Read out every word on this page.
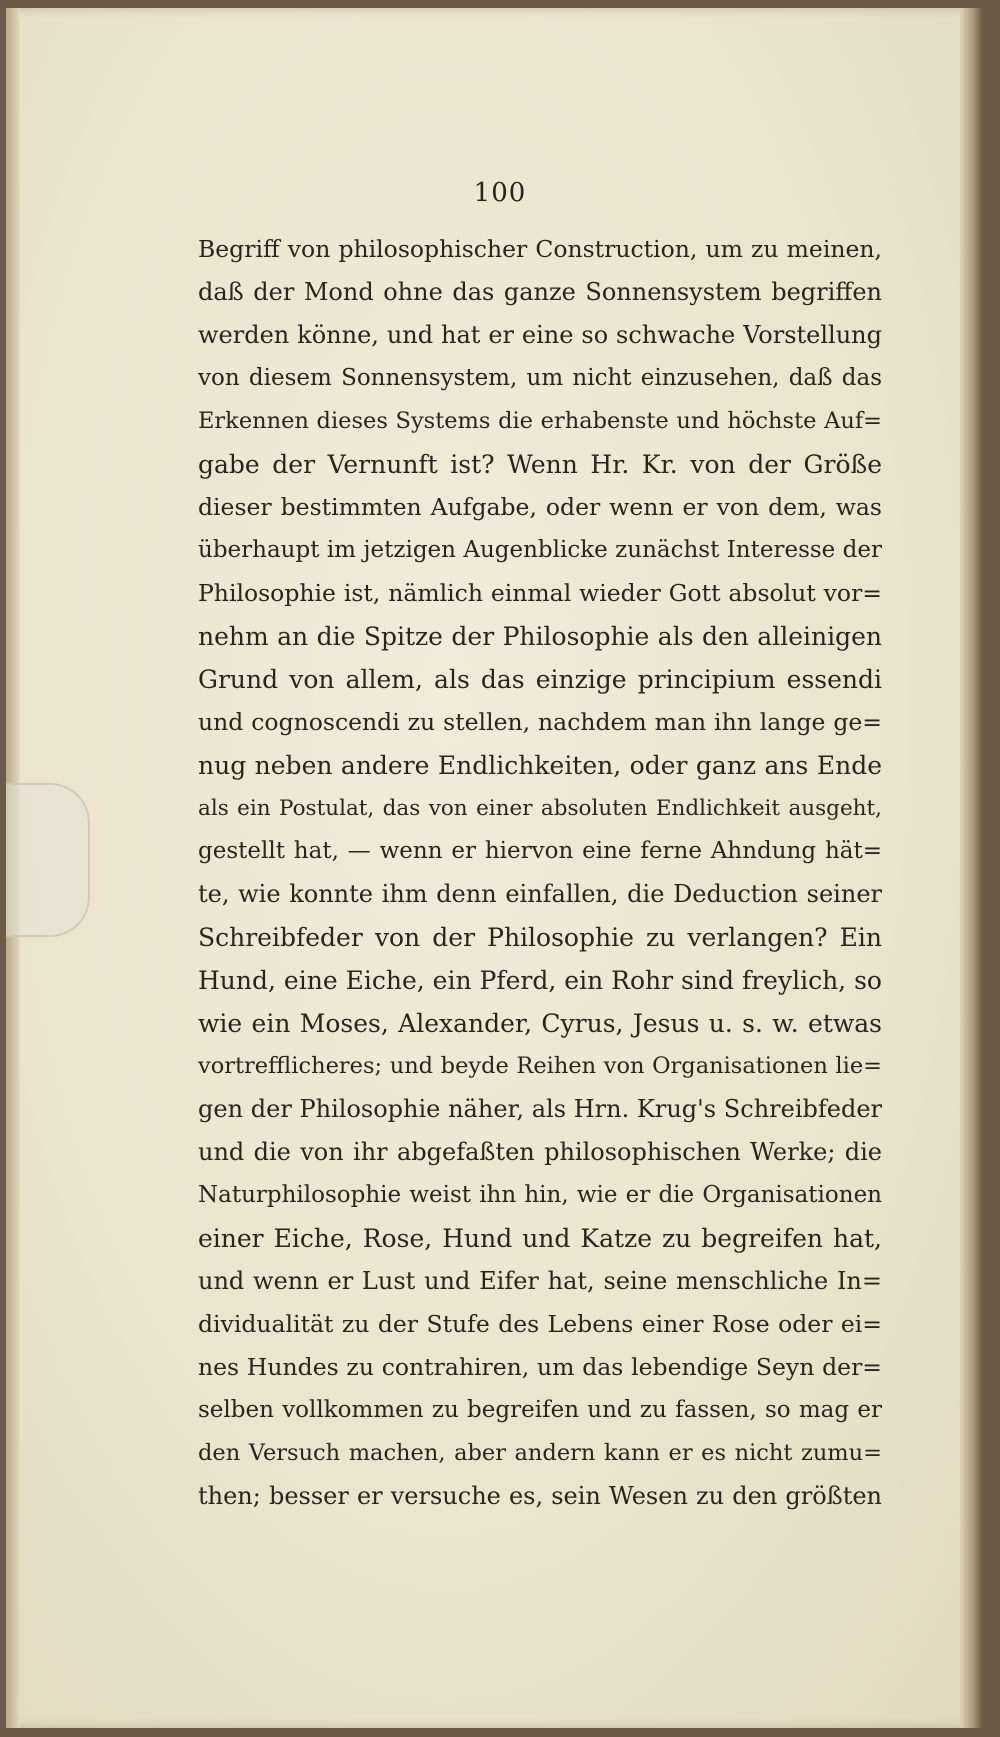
100
Begriff von philosophischer Construction, um zu meinen,
daß der Mond ohne das ganze Sonnensystem begriffen
werden könne, und hat er eine so schwache Vorstellung
von diesem Sonnensystem, um nicht einzusehen, daß das
Erkennen dieses Systems die erhabenste und höchste Auf=
gabe der Vernunft ist? Wenn Hr. Kr. von der Größe
dieser bestimmten Aufgabe, oder wenn er von dem, was
überhaupt im jetzigen Augenblicke zunächst Interesse der
Philosophie ist, nämlich einmal wieder Gott absolut vor=
nehm an die Spitze der Philosophie als den alleinigen
Grund von allem, als das einzige principium essendi
und cognoscendi zu stellen, nachdem man ihn lange ge=
nug neben andere Endlichkeiten, oder ganz ans Ende
als ein Postulat, das von einer absoluten Endlichkeit ausgeht,
gestellt hat, — wenn er hiervon eine ferne Ahndung hät=
te, wie konnte ihm denn einfallen, die Deduction seiner
Schreibfeder von der Philosophie zu verlangen? Ein
Hund, eine Eiche, ein Pferd, ein Rohr sind freylich, so
wie ein Moses, Alexander, Cyrus, Jesus u. s. w. etwas
vortrefflicheres; und beyde Reihen von Organisationen lie=
gen der Philosophie näher, als Hrn. Krug's Schreibfeder
und die von ihr abgefaßten philosophischen Werke; die
Naturphilosophie weist ihn hin, wie er die Organisationen
einer Eiche, Rose, Hund und Katze zu begreifen hat,
und wenn er Lust und Eifer hat, seine menschliche In=
dividualität zu der Stufe des Lebens einer Rose oder ei=
nes Hundes zu contrahiren, um das lebendige Seyn der=
selben vollkommen zu begreifen und zu fassen, so mag er
den Versuch machen, aber andern kann er es nicht zumu=
then; besser er versuche es, sein Wesen zu den größten
